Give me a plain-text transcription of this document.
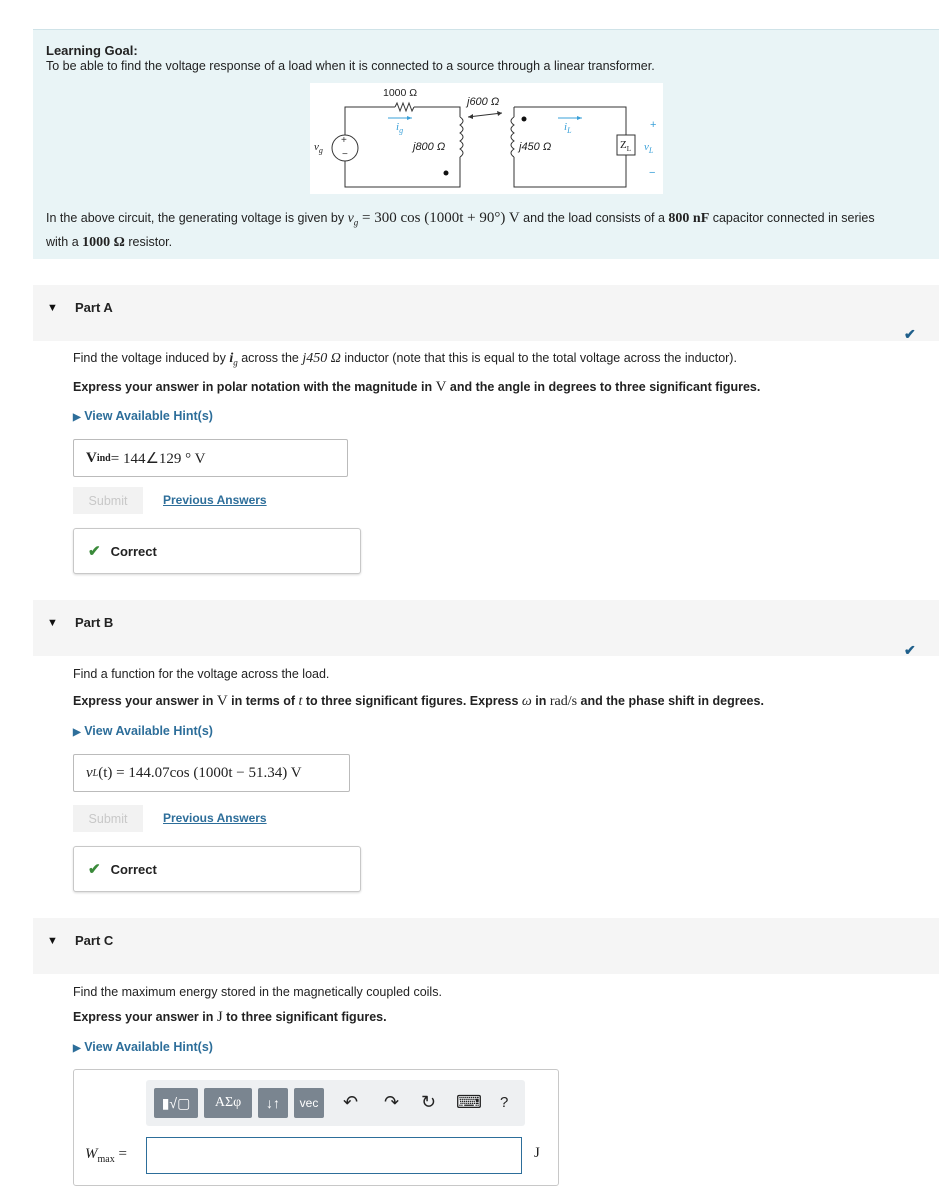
Learning Goal:
To be able to find the voltage response of a load when it is connected to a source through a linear transformer.
+
−
+
−
1000 Ω
j600 Ω
j800 Ω	j450 Ω
$v_g$
$i_g$	$i_L$
$Z_L$ $v_L$
In the above circuit, the generating voltage is given by $v_g = 300$ cos (1000t + 90°) V and the load consists of a 800 nF capacitor connected in series
with a 1000 Ω resistor.
▼ Part A
✔
Find the voltage induced by $i_g$ across the j450 Ω inductor (note that this is equal to the total voltage across the inductor).
Express your answer in polar notation with the magnitude in V and the angle in degrees to three significant figures.
▶ View Available Hint(s)
V ind = 144∠129 ° V
Submit	Previous Answers
✔ Correct
▼ Part B
✔
Find a function for the voltage across the load.
Express your answer in V in terms of t to three significant figures. Express ω in rad/s and the phase shift in degrees.
▶ View Available Hint(s)
v L (t) = 144.07cos (1000t − 51.34) V
Submit	Previous Answers
✔ Correct
▼ Part C
Find the maximum energy stored in the magnetically coupled coils.
Express your answer in J to three significant figures.
▶ View Available Hint(s)
▮√▢	ΑΣφ	↓↑	vec	↶ ↷ ↻ ⌨ ?
$W_{max}$ =	J
